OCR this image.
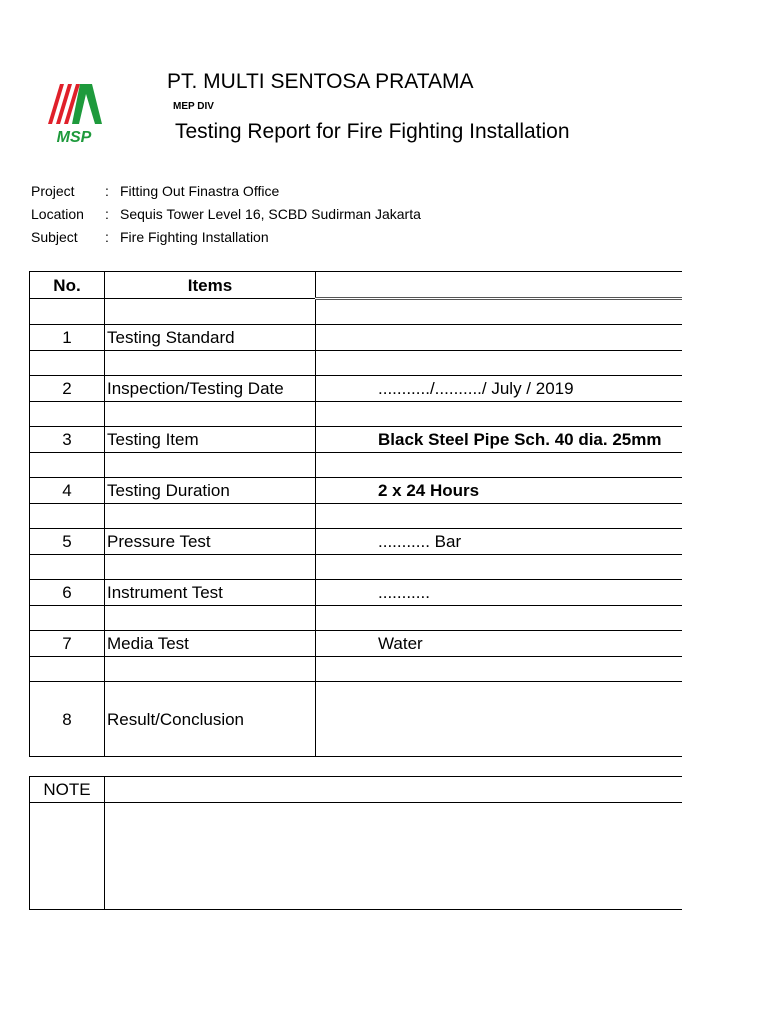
MSP
PT. MULTI SENTOSA PRATAMA
MEP DIV
Testing Report for Fire Fighting Installation
Project : Fitting Out Finastra Office
Location : Sequis Tower Level 16, SCBD Sudirman Jakarta
Subject : Fire Fighting Installation
No.	Items	

1	Testing Standard	

2	Inspection/Testing Date	.........../........../ July / 2019

3	Testing Item	Black Steel Pipe Sch. 40 dia. 25mm

4	Testing Duration	2 x 24 Hours

5	Pressure Test	........... Bar

6	Instrument Test	...........

7	Media Test	Water

8	Result/Conclusion	
NOTE	
